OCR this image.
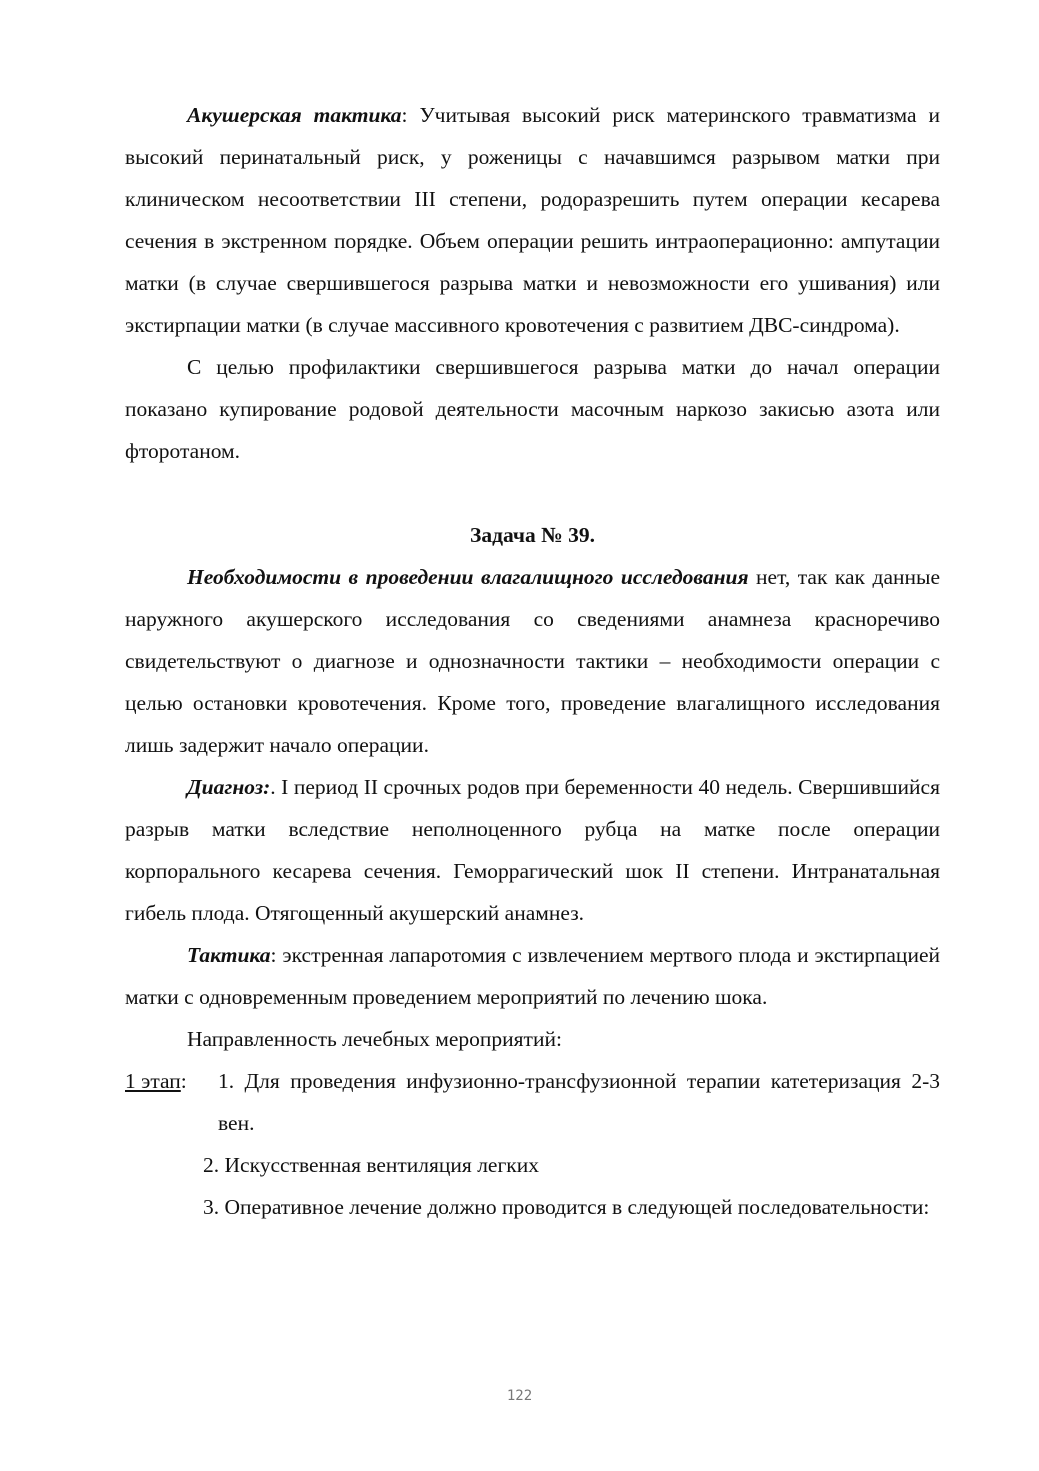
Акушерская тактика: Учитывая высокий риск материнского травматизма и высокий перинатальный риск, у роженицы с начавшимся разрывом матки при клиническом несоответствии III степени, родоразрешить путем операции кесарева сечения в экстренном порядке. Объем операции решить интраоперационно: ампутации матки (в случае свершившегося разрыва матки и невозможности его ушивания) или экстирпации матки (в случае массивного кровотечения с развитием ДВС-синдрома).

С целью профилактики свершившегося разрыва матки до начал операции показано купирование родовой деятельности масочным наркозо закисью азота или фторотаном.

Задача № 39.

Необходимости в проведении влагалищного исследования нет, так как данные наружного акушерского исследования со сведениями анамнеза красноречиво свидетельствуют о диагнозе и однозначности тактики – необходимости операции с целью остановки кровотечения. Кроме того, проведение влагалищного исследования лишь задержит начало операции.

Диагноз:. I период II срочных родов при беременности 40 недель. Свершившийся разрыв матки вследствие неполноценного рубца на матке после операции корпорального кесарева сечения. Геморрагический шок II степени. Интранатальная гибель плода. Отягощенный акушерский анамнез.

Тактика: экстренная лапаротомия с извлечением мертвого плода и экстирпацией матки с одновременным проведением мероприятий по лечению шока.

Направленность лечебных мероприятий:

1 этап: 1. Для проведения инфузионно-трансфузионной терапии катетеризация 2-3 вен.

2. Искусственная вентиляция легких

3. Оперативное лечение должно проводится в следующей последовательности:

122
